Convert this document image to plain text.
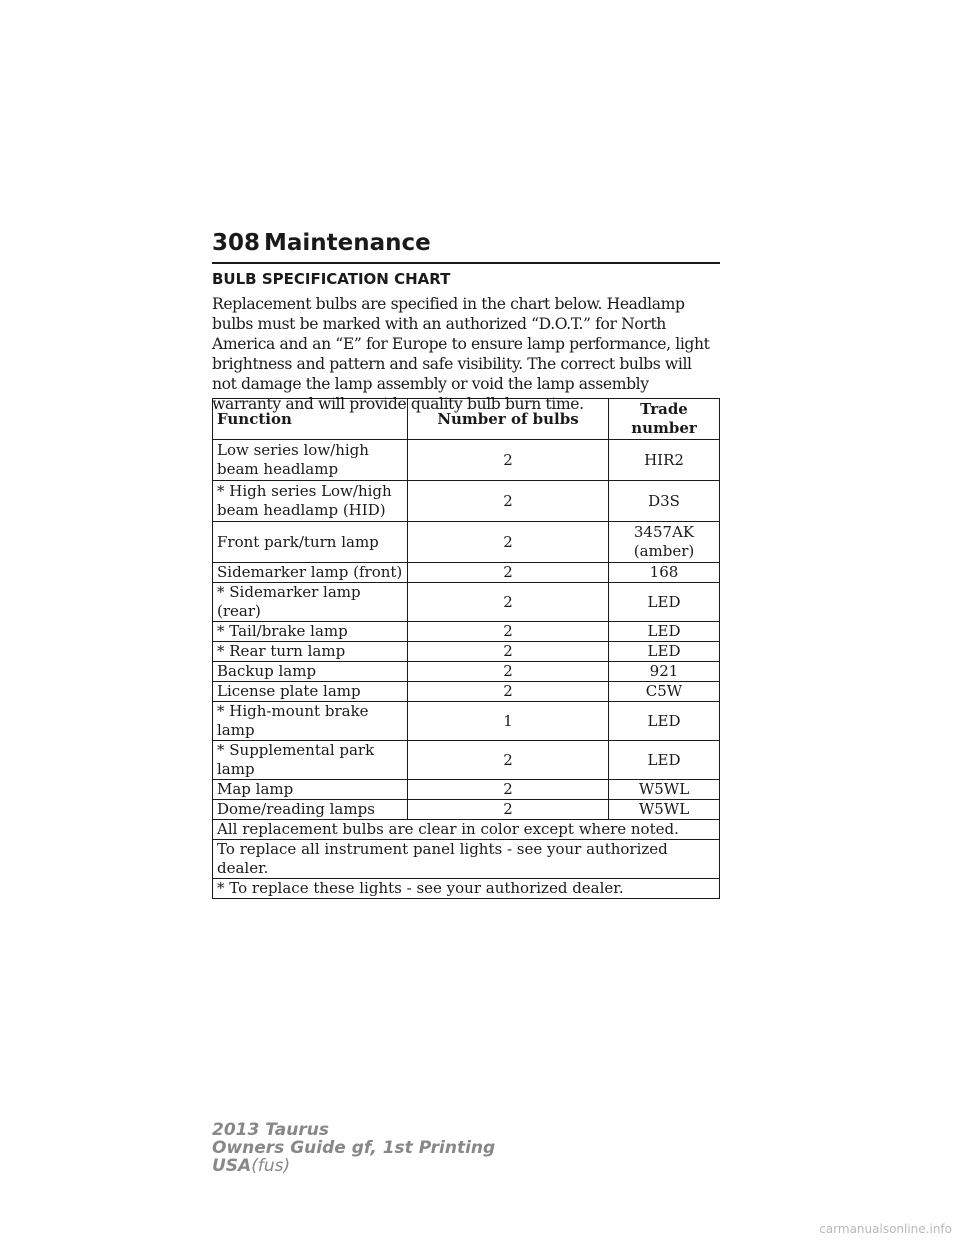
308 Maintenance
BULB SPECIFICATION CHART
Replacement bulbs are specified in the chart below. Headlamp bulbs must be marked with an authorized “D.O.T.” for North America and an “E” for Europe to ensure lamp performance, light brightness and pattern and safe visibility. The correct bulbs will not damage the lamp assembly or void the lamp assembly warranty and will provide quality bulb burn time.
Function	Number of bulbs	Trade number
Low series low/high beam headlamp	2	HIR2
* High series Low/high beam headlamp (HID)	2	D3S
Front park/turn lamp	2	3457AK (amber)
Sidemarker lamp (front)	2	168
* Sidemarker lamp (rear)	2	LED
* Tail/brake lamp	2	LED
* Rear turn lamp	2	LED
Backup lamp	2	921
License plate lamp	2	C5W
* High-mount brake lamp	1	LED
* Supplemental park lamp	2	LED
Map lamp	2	W5WL
Dome/reading lamps	2	W5WL
All replacement bulbs are clear in color except where noted.		
To replace all instrument panel lights - see your authorized dealer.		
* To replace these lights - see your authorized dealer.		
2013 Taurus
Owners Guide gf, 1st Printing
USA(fus)
carmanualsonline.info
